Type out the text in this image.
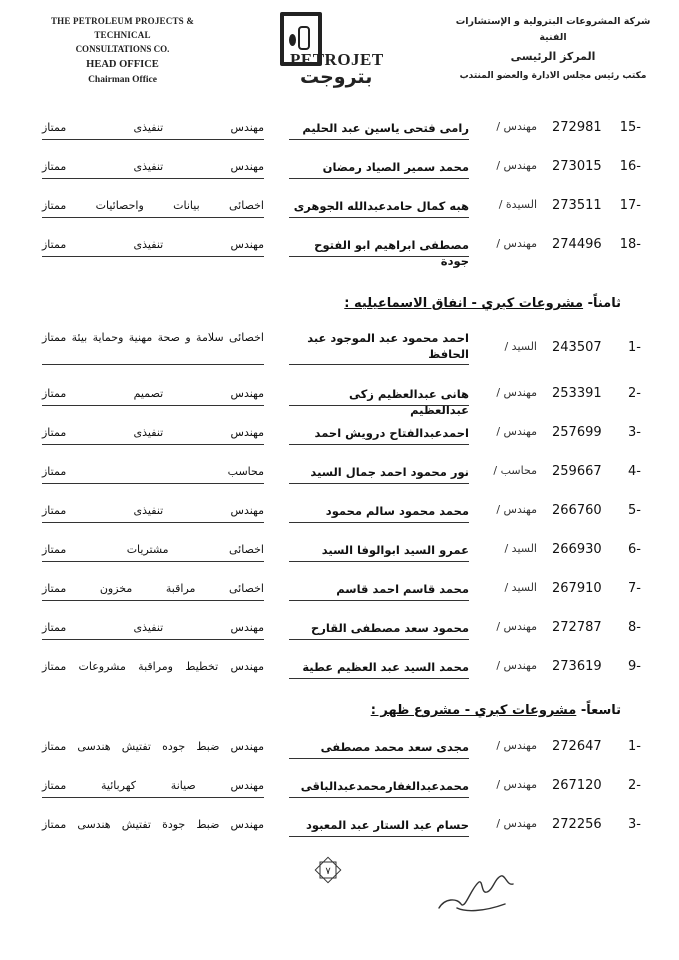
THE PETROLEUM PROJECTS & TECHNICAL
CONSULTATIONS CO.
HEAD OFFICE
Chairman Office
PETROJET
بتروجت
شركة المشروعات البترولية و الإستشارات الفنية
المركز الرئيسى
مكتب رئيس مجلس الادارة والعضو المنتدب
15-
272981
مهندس /
رامى فتحى ياسين عبد الحليم
مهندس تنفيذى ممتاز
16-
273015
مهندس /
محمد سمير الصياد رمضان
مهندس تنفيذى ممتاز
17-
273511
السيدة /
هبه كمال حامدعبدالله الجوهرى
اخصائى بيانات واحصائيات ممتاز
18-
274496
مهندس /
مصطفى ابراهيم ابو الفتوح جودة
مهندس تنفيذى ممتاز
ثامناً- مشروعات كبري - انفاق الاسماعيليه :
1-
243507
السيد /
احمد محمود عبد الموجود عبد الحافظ
اخصائى سلامة و صحة مهنية وحماية بيئة ممتاز
2-
253391
مهندس /
هانى عبدالعظيم زكى عبدالعظيم
مهندس تصميم ممتاز
3-
257699
مهندس /
احمدعبدالفتاح درويش احمد
مهندس تنفيذى ممتاز
4-
259667
محاسب /
نور محمود احمد جمال السيد
محاسب ممتاز
5-
266760
مهندس /
محمد محمود سالم محمود
مهندس تنفيذى ممتاز
6-
266930
السيد /
عمرو السيد ابوالوفا السيد
اخصائى مشتريات ممتاز
7-
267910
السيد /
محمد قاسم احمد قاسم
اخصائى مراقبة مخزون ممتاز
8-
272787
مهندس /
محمود سعد مصطفى القارح
مهندس تنفيذى ممتاز
9-
273619
مهندس /
محمد السيد عبد العظيم عطية
مهندس تخطيط ومراقبة مشروعات ممتاز
تاسعاً- مشروعات كبري - مشروع ظهر :
1-
272647
مهندس /
مجدى سعد محمد مصطفى
مهندس ضبط جوده تفتيش هندسى ممتاز
2-
267120
مهندس /
محمدعبدالغفارمحمدعبدالباقى
مهندس صيانة كهربائية ممتاز
3-
272256
مهندس /
حسام عبد الستار عبد المعبود
مهندس ضبط جودة تفتيش هندسى ممتاز
٧
